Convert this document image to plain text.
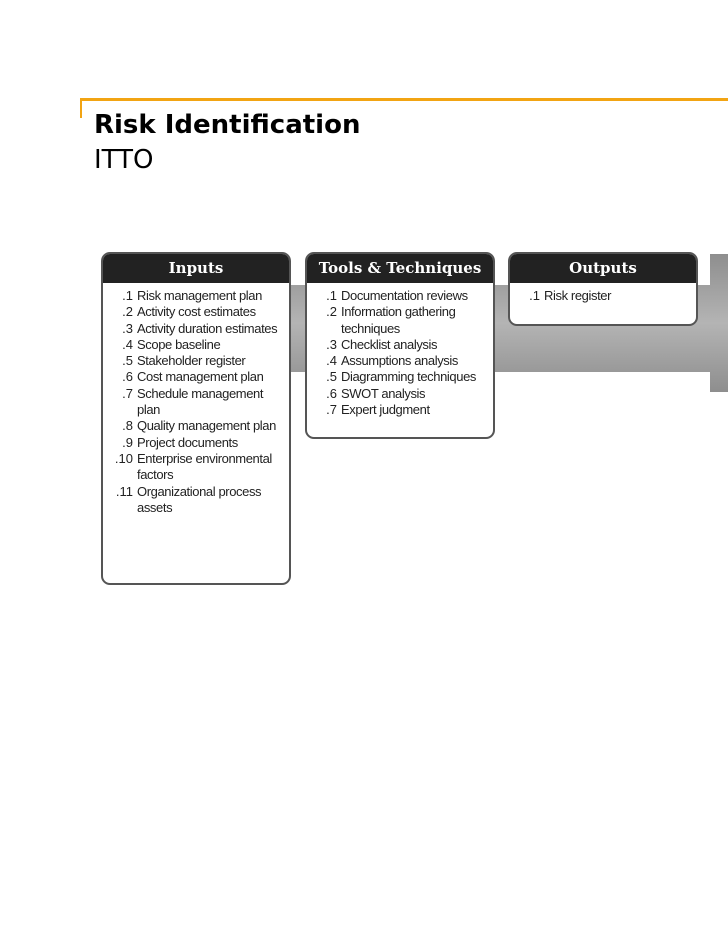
Risk Identification
ITTO
Inputs
.1 Risk management plan
.2 Activity cost estimates
.3 Activity duration estimates
.4 Scope baseline
.5 Stakeholder register
.6 Cost management plan
.7 Schedule management plan
.8 Quality management plan
.9 Project documents
.10 Enterprise environmental factors
.11 Organizational process assets
Tools & Techniques
.1 Documentation reviews
.2 Information gathering techniques
.3 Checklist analysis
.4 Assumptions analysis
.5 Diagramming techniques
.6 SWOT analysis
.7 Expert judgment
Outputs
.1 Risk register
